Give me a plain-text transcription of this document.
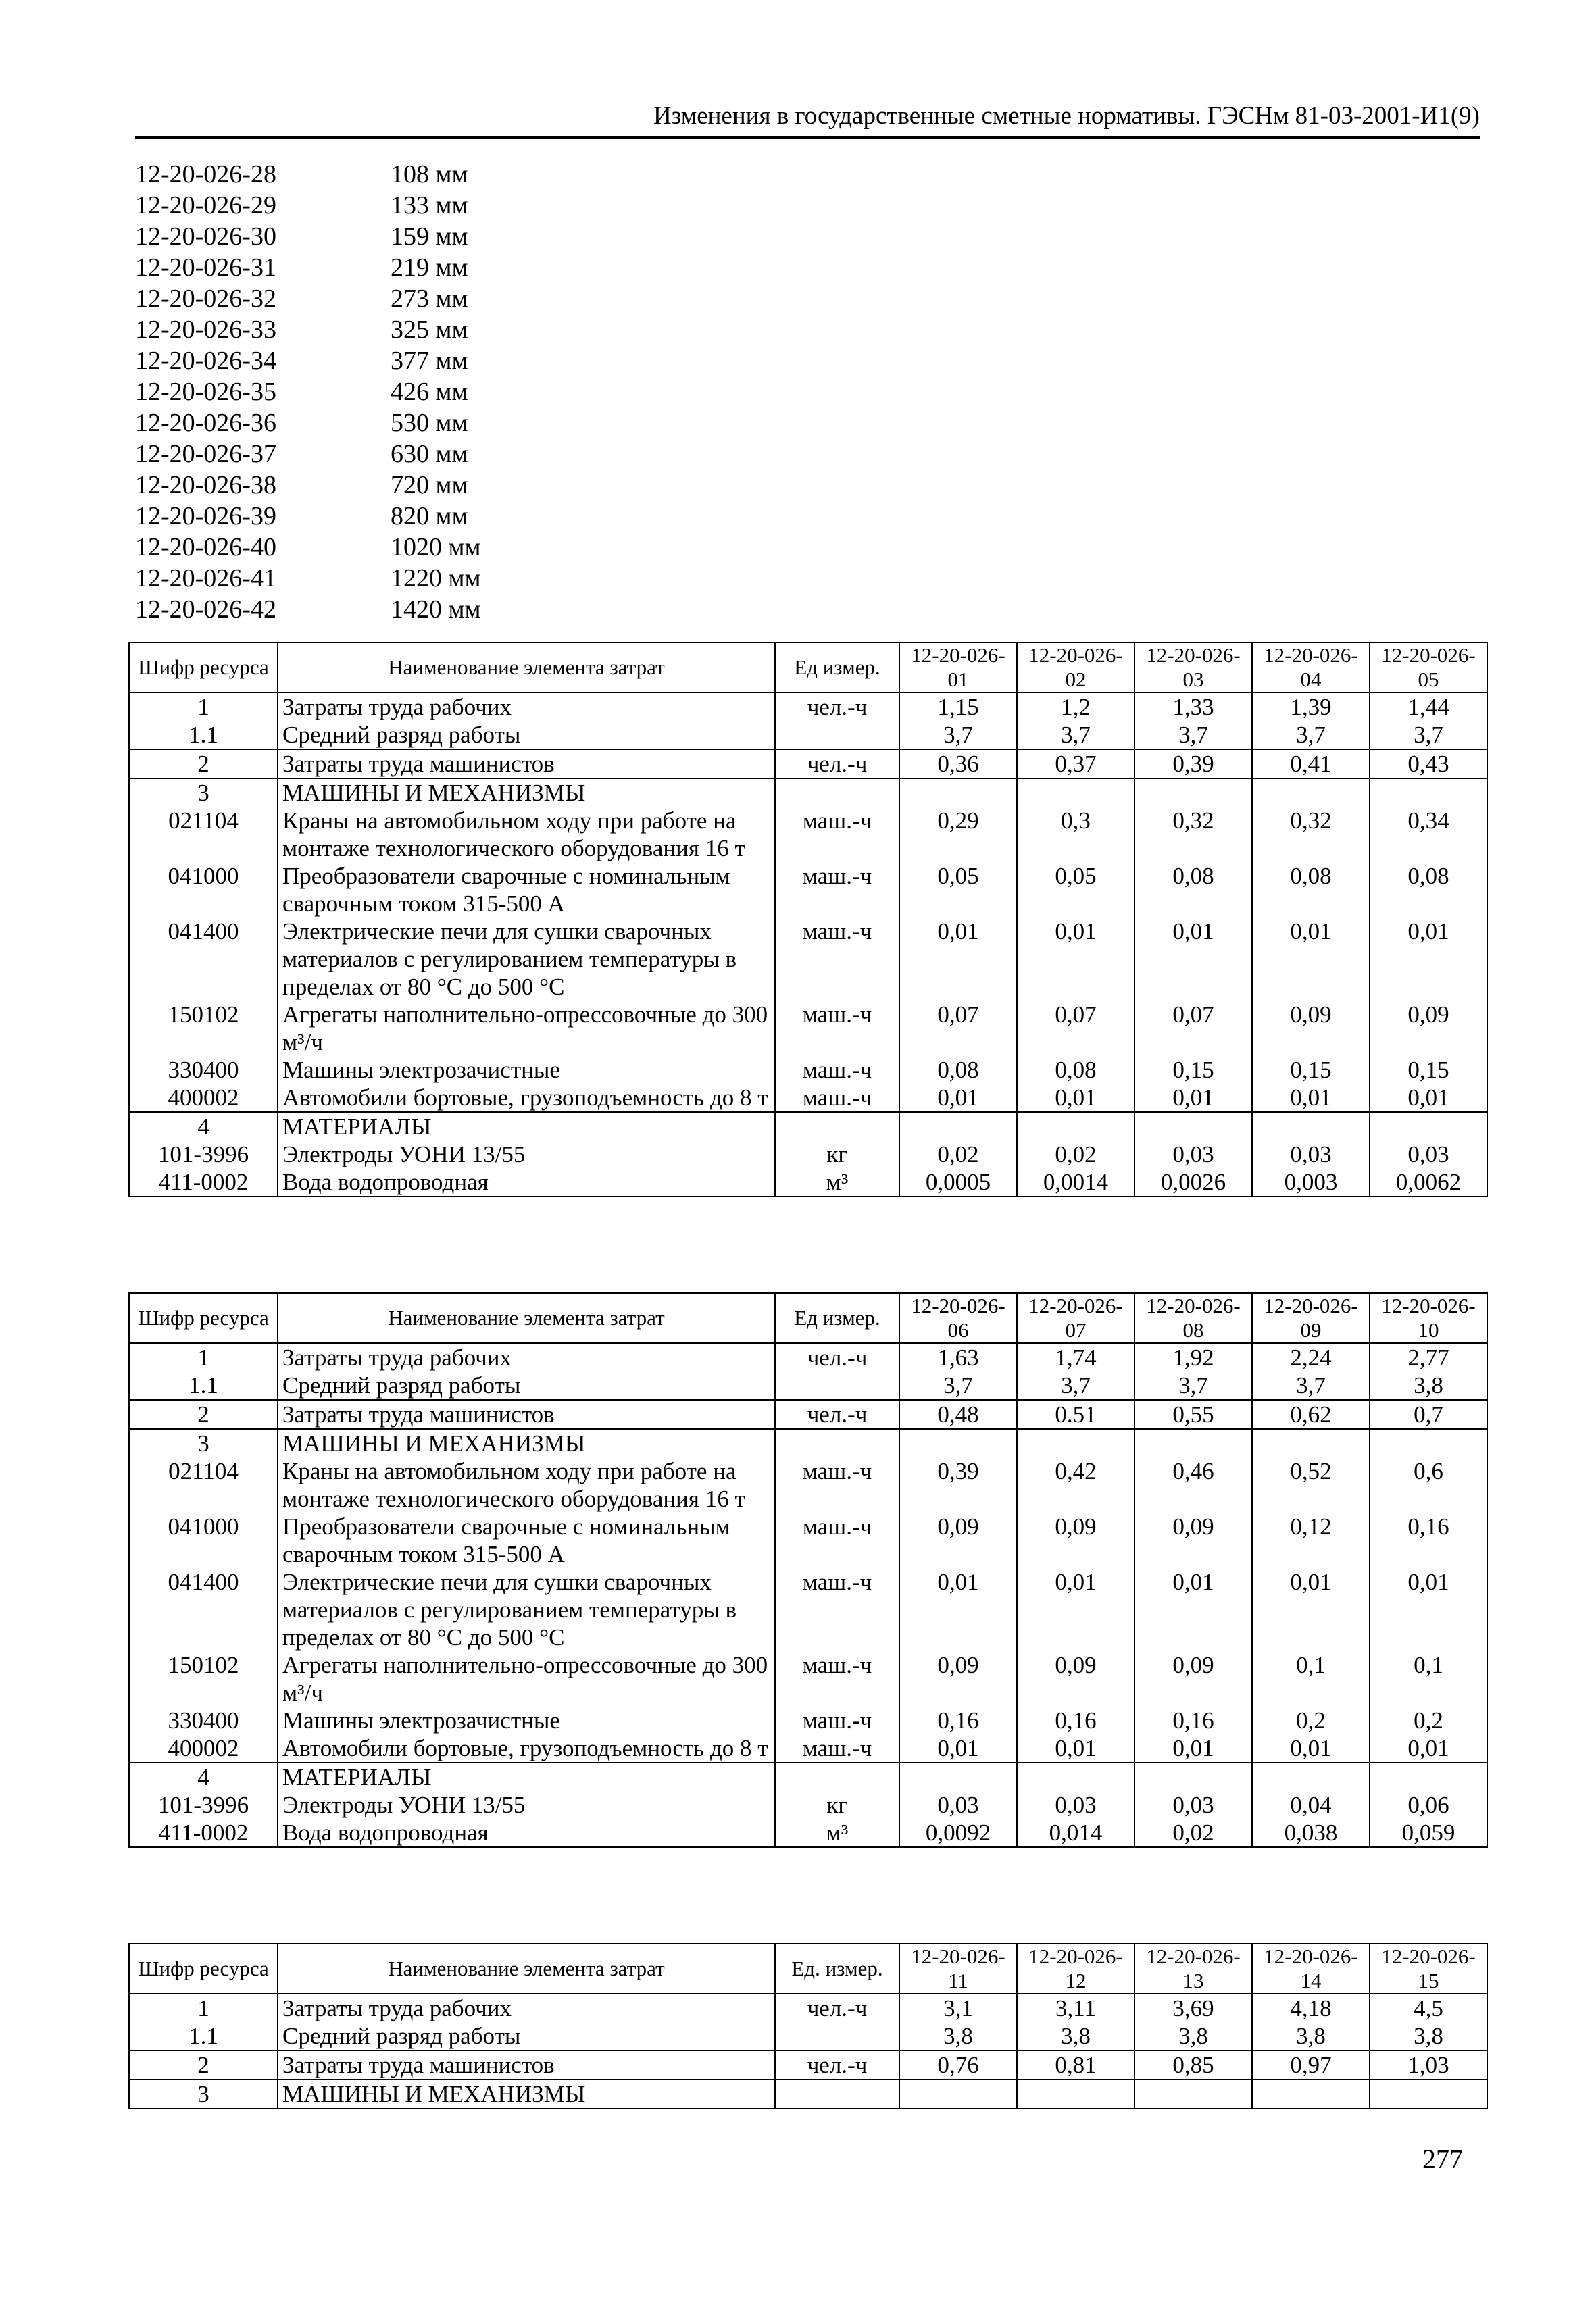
Изменения в государственные сметные нормативы. ГЭСНм 81-03-2001-И1(9)
12-20-026-28	108 мм
12-20-026-29	133 мм
12-20-026-30	159 мм
12-20-026-31	219 мм
12-20-026-32	273 мм
12-20-026-33	325 мм
12-20-026-34	377 мм
12-20-026-35	426 мм
12-20-026-36	530 мм
12-20-026-37	630 мм
12-20-026-38	720 мм
12-20-026-39	820 мм
12-20-026-40	1020 мм
12-20-026-41	1220 мм
12-20-026-42	1420 мм
Шифр ресурса	Наименование элемента затрат	Ед измер.	12-20-026-01	12-20-026-02	12-20-026-03	12-20-026-04	12-20-026-05
1	Затраты труда рабочих	чел.-ч	1,15	1,2	1,33	1,39	1,44
1.1	Средний разряд работы		3,7	3,7	3,7	3,7	3,7
2	Затраты труда машинистов	чел.-ч	0,36	0,37	0,39	0,41	0,43
3	МАШИНЫ И МЕХАНИЗМЫ						
021104	Краны на автомобильном ходу при работе на монтаже технологического оборудования 16 т	маш.-ч	0,29	0,3	0,32	0,32	0,34
041000	Преобразователи сварочные с номинальным сварочным током 315-500 А	маш.-ч	0,05	0,05	0,08	0,08	0,08
041400	Электрические печи для сушки сварочных материалов с регулированием температуры в пределах от 80 °С до 500 °С	маш.-ч	0,01	0,01	0,01	0,01	0,01
150102	Агрегаты наполнительно-опрессовочные до 300 м³/ч	маш.-ч	0,07	0,07	0,07	0,09	0,09
330400	Машины электрозачистные	маш.-ч	0,08	0,08	0,15	0,15	0,15
400002	Автомобили бортовые, грузоподъемность до 8 т	маш.-ч	0,01	0,01	0,01	0,01	0,01
4	МАТЕРИАЛЫ						
101-3996	Электроды УОНИ 13/55	кг	0,02	0,02	0,03	0,03	0,03
411-0002	Вода водопроводная	м³	0,0005	0,0014	0,0026	0,003	0,0062
Шифр ресурса	Наименование элемента затрат	Ед измер.	12-20-026-06	12-20-026-07	12-20-026-08	12-20-026-09	12-20-026-10
1	Затраты труда рабочих	чел.-ч	1,63	1,74	1,92	2,24	2,77
1.1	Средний разряд работы		3,7	3,7	3,7	3,7	3,8
2	Затраты труда машинистов	чел.-ч	0,48	0.51	0,55	0,62	0,7
3	МАШИНЫ И МЕХАНИЗМЫ						
021104	Краны на автомобильном ходу при работе на монтаже технологического оборудования 16 т	маш.-ч	0,39	0,42	0,46	0,52	0,6
041000	Преобразователи сварочные с номинальным сварочным током 315-500 А	маш.-ч	0,09	0,09	0,09	0,12	0,16
041400	Электрические печи для сушки сварочных материалов с регулированием температуры в пределах от 80 °С до 500 °С	маш.-ч	0,01	0,01	0,01	0,01	0,01
150102	Агрегаты наполнительно-опрессовочные до 300 м³/ч	маш.-ч	0,09	0,09	0,09	0,1	0,1
330400	Машины электрозачистные	маш.-ч	0,16	0,16	0,16	0,2	0,2
400002	Автомобили бортовые, грузоподъемность до 8 т	маш.-ч	0,01	0,01	0,01	0,01	0,01
4	МАТЕРИАЛЫ						
101-3996	Электроды УОНИ 13/55	кг	0,03	0,03	0,03	0,04	0,06
411-0002	Вода водопроводная	м³	0,0092	0,014	0,02	0,038	0,059
Шифр ресурса	Наименование элемента затрат	Ед. измер.	12-20-026-11	12-20-026-12	12-20-026-13	12-20-026-14	12-20-026-15
1	Затраты труда рабочих	чел.-ч	3,1	3,11	3,69	4,18	4,5
1.1	Средний разряд работы		3,8	3,8	3,8	3,8	3,8
2	Затраты труда машинистов	чел.-ч	0,76	0,81	0,85	0,97	1,03
3	МАШИНЫ И МЕХАНИЗМЫ						
277
